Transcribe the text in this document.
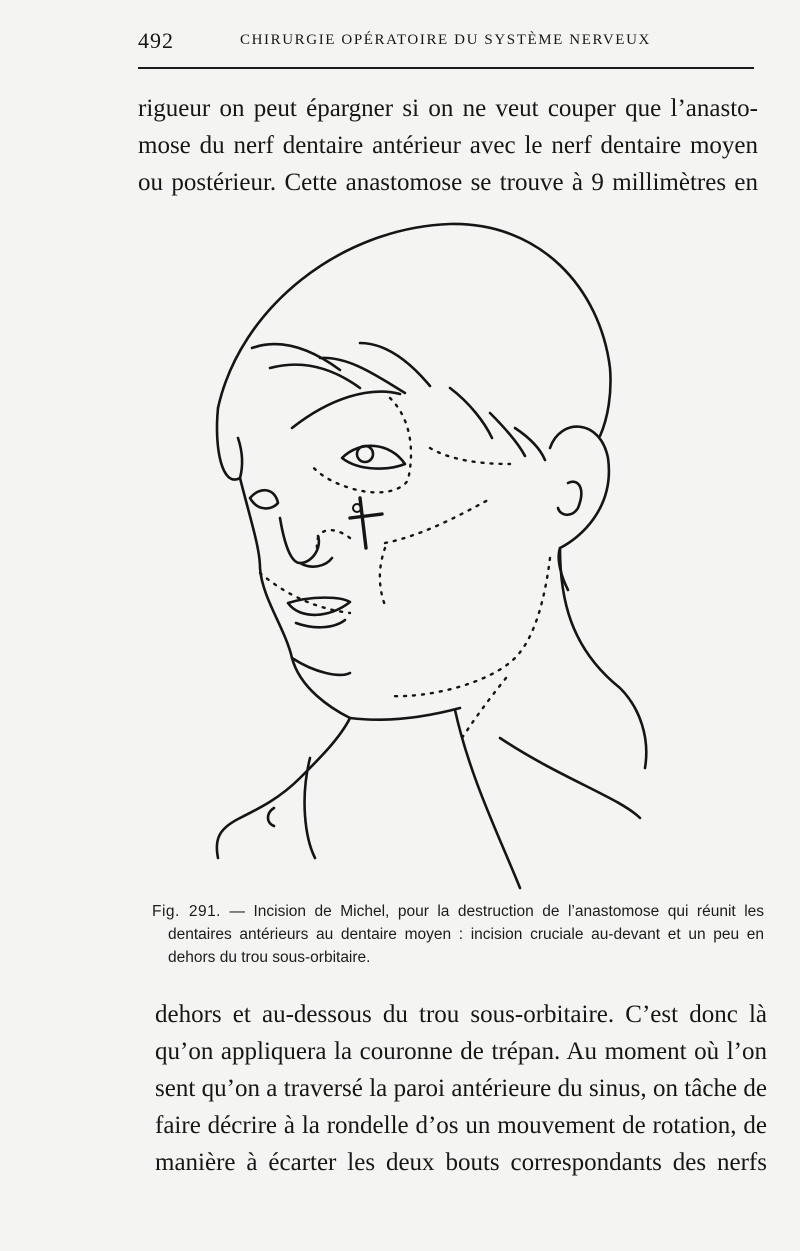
492	CHIRURGIE OPÉRATOIRE DU SYSTÈME NERVEUX
rigueur on peut épargner si on ne veut couper que l’anasto-
mose du nerf dentaire antérieur avec le nerf dentaire moyen
ou postérieur. Cette anastomose se trouve à 9 millimètres en
Fig. 291. — Incision de Michel, pour la destruction de l’anastomose qui réunit les
dentaires antérieurs au dentaire moyen : incision cruciale au-devant et un peu en
dehors du trou sous-orbitaire.
dehors et au-dessous du trou sous-orbitaire. C’est donc là
qu’on appliquera la couronne de trépan. Au moment où l’on
sent qu’on a traversé la paroi antérieure du sinus, on tâche de
faire décrire à la rondelle d’os un mouvement de rotation, de
manière à écarter les deux bouts correspondants des nerfs
